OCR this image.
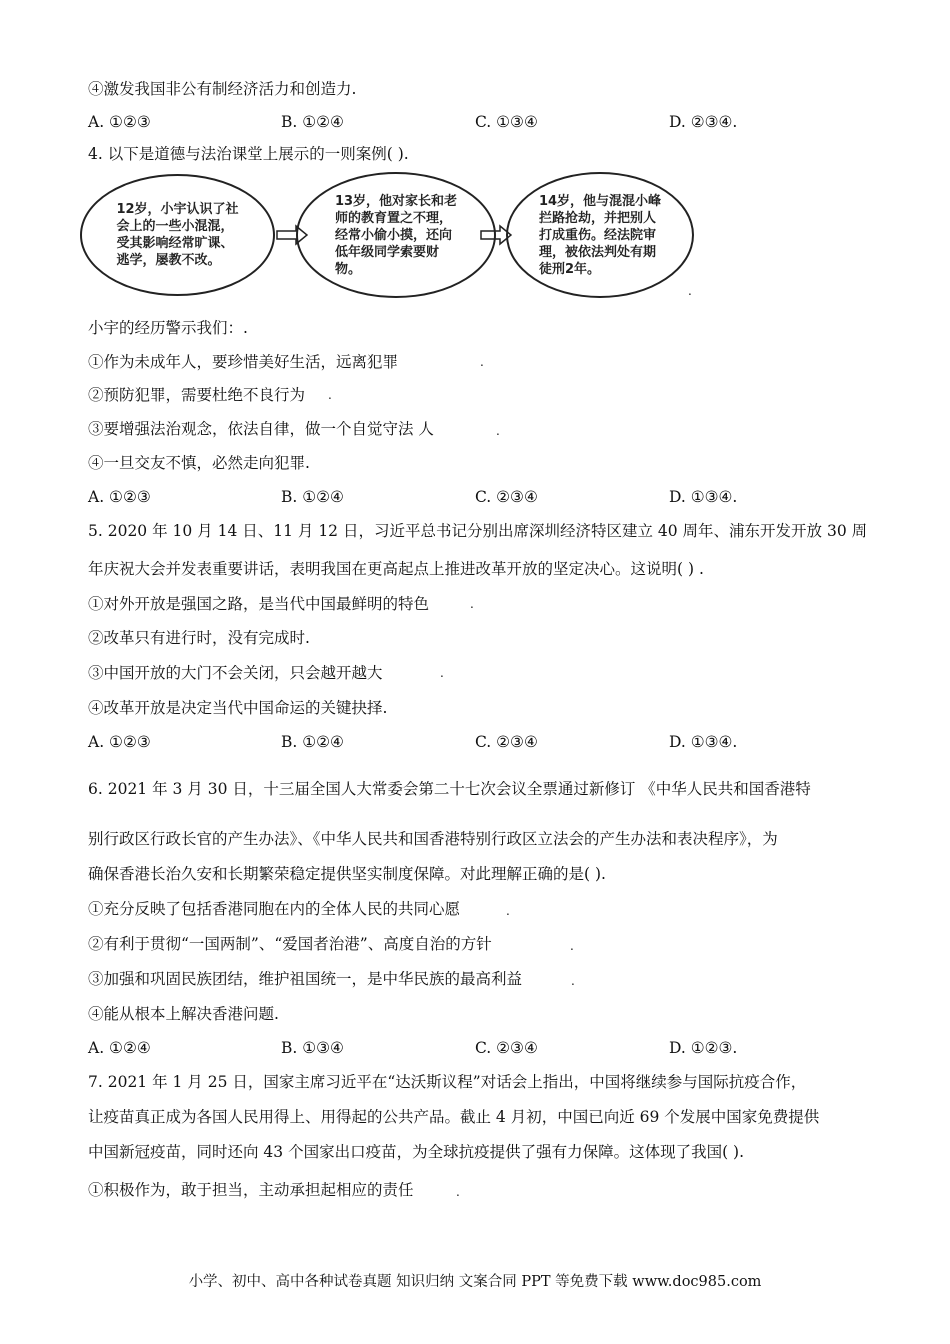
④激发我国非公有制经济活力和创造力.
A. ①②③	B. ①②④	C. ①③④	D. ②③④.
4. 以下是道德与法治课堂上展示的一则案例( ).
12岁，小宇认识了社
会上的一些小混混，
受其影响经常旷课、
逃学，屡教不改。
13岁，他对家长和老
师的教育置之不理，
经常小偷小摸，还向
低年级同学索要财
物。
14岁，他与混混小峰
拦路抢劫，并把别人
打成重伤。经法院审
理，被依法判处有期
徒刑2年。
.
小宇的经历警示我们：.
①作为未成年人，要珍惜美好生活，远离犯罪	.
②预防犯罪，需要杜绝不良行为 .
③要增强法治观念，依法自律，做一个自觉守法 人	.
④一旦交友不慎，必然走向犯罪.
A. ①②③	B. ①②④	C. ②③④	D. ①③④.
5. 2020 年 10 月 14 日、11 月 12 日，习近平总书记分别出席深圳经济特区建立 40 周年、浦东开发开放 30 周
年庆祝大会并发表重要讲话，表明我国在更高起点上推进改革开放的坚定决心。这说明( ) .
①对外开放是强国之路，是当代中国最鲜明的特色	.
②改革只有进行时，没有完成时.
③中国开放的大门不会关闭，只会越开越大	.
④改革开放是决定当代中国命运的关键抉择.
A. ①②③	B. ①②④	C. ②③④	D. ①③④.
6. 2021 年 3 月 30 日，十三届全国人大常委会第二十七次会议全票通过新修订 《中华人民共和国香港特
别行政区行政长官的产生办法》、《中华人民共和国香港特别行政区立法会的产生办法和表决程序》，为
确保香港长治久安和长期繁荣稳定提供坚实制度保障。对此理解正确的是( ).
①充分反映了包括香港同胞在内的全体人民的共同心愿	.
②有利于贯彻“一国两制”、“爱国者治港”、高度自治的方针	.
③加强和巩固民族团结，维护祖国统一，是中华民族的最高利益	.
④能从根本上解决香港问题.
A. ①②④	B. ①③④	C. ②③④	D. ①②③.
7. 2021 年 1 月 25 日，国家主席习近平在“达沃斯议程”对话会上指出，中国将继续参与国际抗疫合作，
让疫苗真正成为各国人民用得上、用得起的公共产品。截止 4 月初，中国已向近 69 个发展中国家免费提供
中国新冠疫苗，同时还向 43 个国家出口疫苗，为全球抗疫提供了强有力保障。这体现了我国( ).
①积极作为，敢于担当，主动承担起相应的责任	.
小学、初中、高中各种试卷真题 知识归纳 文案合同 PPT 等免费下载 www.doc985.com
